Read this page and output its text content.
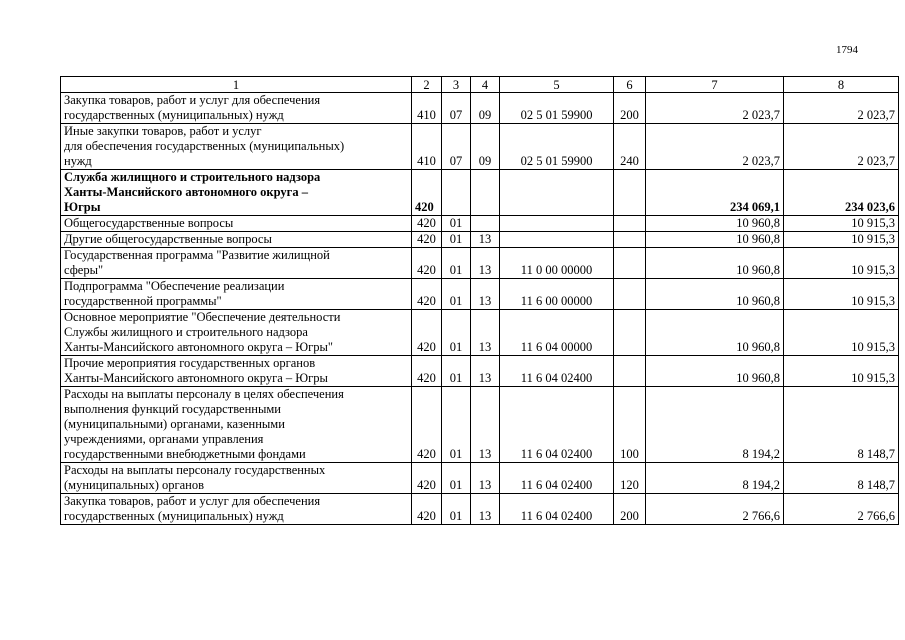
1794
1	2	3	4	5	6	7	8
Закупка товаров, работ и услуг для обеспечения
государственных (муниципальных) нужд	410	07	09	02 5 01 59900	200	2 023,7	2 023,7
Иные закупки товаров, работ и услуг
для обеспечения государственных (муниципальных)
нужд	410	07	09	02 5 01 59900	240	2 023,7	2 023,7
Служба жилищного и строительного надзора
Ханты-Мансийского автономного округа –
Югры	420					234 069,1	234 023,6
Общегосударственные вопросы	420	01				10 960,8	10 915,3
Другие общегосударственные вопросы	420	01	13			10 960,8	10 915,3
Государственная программа "Развитие жилищной
сферы"	420	01	13	11 0 00 00000		10 960,8	10 915,3
Подпрограмма "Обеспечение реализации
государственной программы"	420	01	13	11 6 00 00000		10 960,8	10 915,3
Основное мероприятие "Обеспечение деятельности
Службы жилищного и строительного надзора
Ханты-Мансийского автономного округа – Югры"	420	01	13	11 6 04 00000		10 960,8	10 915,3
Прочие мероприятия государственных органов
Ханты-Мансийского автономного округа – Югры	420	01	13	11 6 04 02400		10 960,8	10 915,3
Расходы на выплаты персоналу в целях обеспечения
выполнения функций государственными
(муниципальными) органами, казенными
учреждениями, органами управления
государственными внебюджетными фондами	420	01	13	11 6 04 02400	100	8 194,2	8 148,7
Расходы на выплаты персоналу государственных
(муниципальных) органов	420	01	13	11 6 04 02400	120	8 194,2	8 148,7
Закупка товаров, работ и услуг для обеспечения
государственных (муниципальных) нужд	420	01	13	11 6 04 02400	200	2 766,6	2 766,6
